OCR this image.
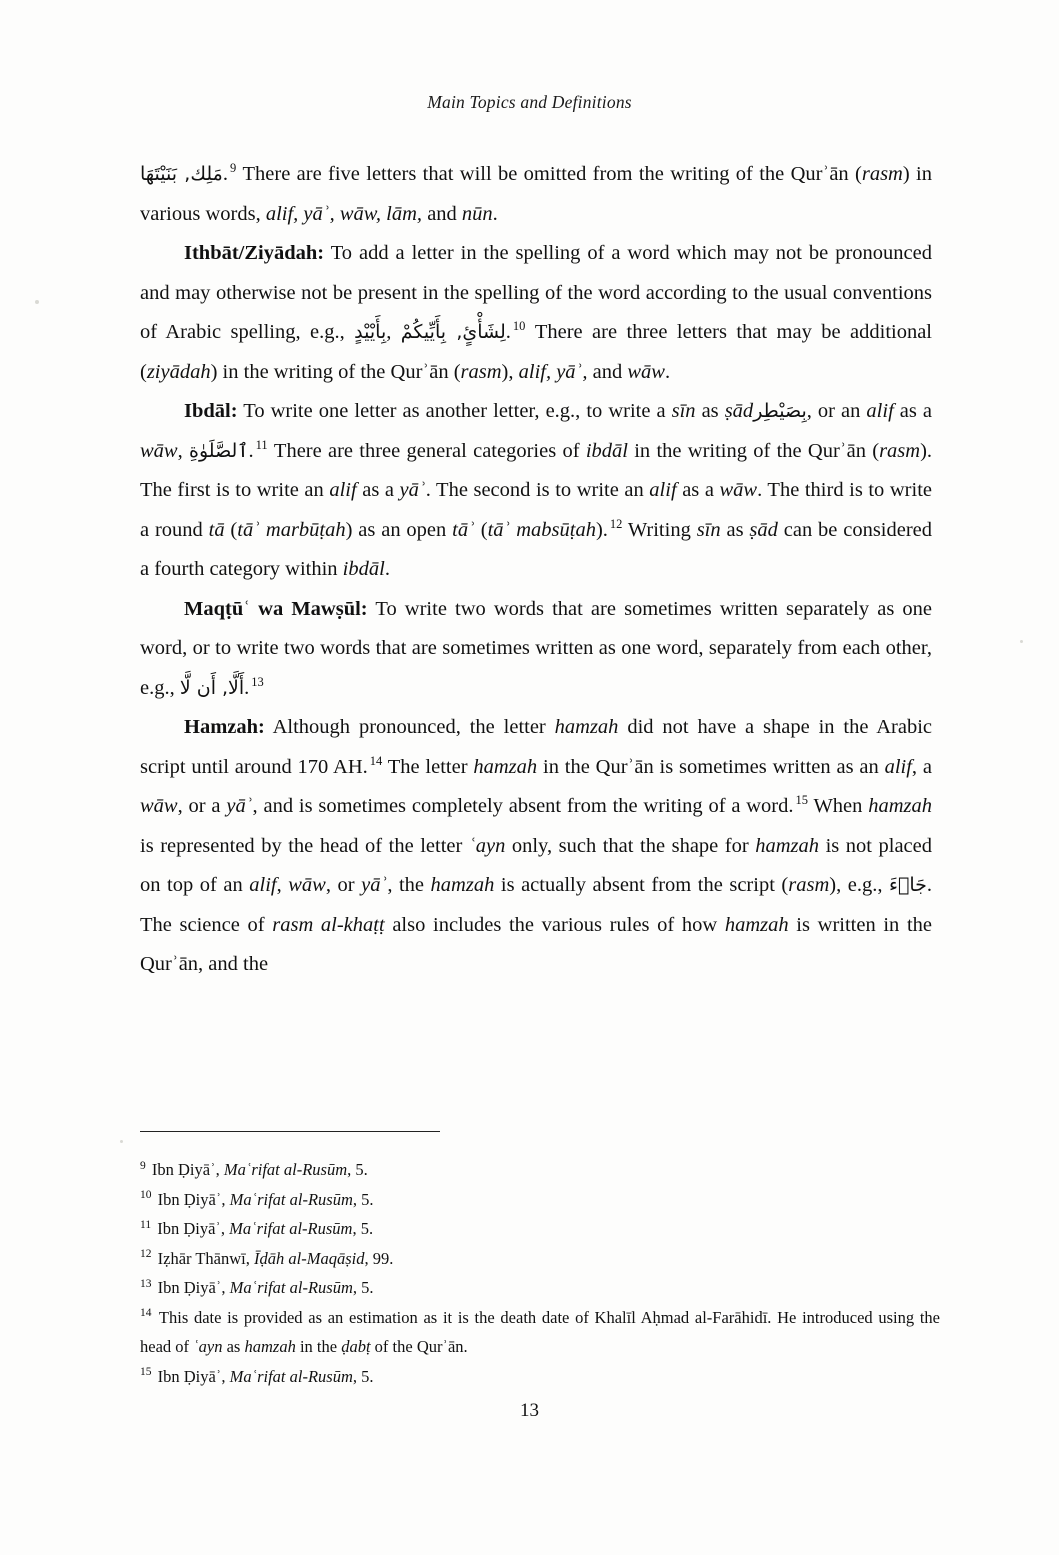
Main Topics and Definitions

مَلِك, بَنَيْتَهَا. $^9$ There are five letters that will be omitted from the writing of the Qurʾān (rasm) in various words, alif, yāʾ, wāw, lām, and nūn.

Ithbāt/Ziyādah: To add a letter in the spelling of a word which may not be pronounced and may otherwise not be present in the spelling of the word according to the usual conventions of Arabic spelling, e.g., بِأَيْيْدٍ, لِشَأْىٍٔ, بِأَيِّيكُمْ. $^{10}$ There are three letters that may be additional (ziyādah) in the writing of the Qurʾān (rasm), alif, yāʾ, and wāw.

Ibdāl: To write one letter as another letter, e.g., to write a sīn as ṣādبِصَيْطِر, or an alif as a wāw, ٱلصَّلَوٰةِ. $^{11}$ There are three general categories of ibdāl in the writing of the Qurʾān (rasm). The first is to write an alif as a yāʾ. The second is to write an alif as a wāw. The third is to write a round tā (tāʾ marbūṭah) as an open tāʾ (tāʾ mabsūṭah). $^{12}$ Writing sīn as ṣād can be considered a fourth category within ibdāl.

Maqṭūʿ wa Mawṣūl: To write two words that are sometimes written separately as one word, or to write two words that are sometimes written as one word, separately from each other, e.g., أَلَّا, أَن لَّا. $^{13}$

Hamzah: Although pronounced, the letter hamzah did not have a shape in the Arabic script until around 170 AH. $^{14}$ The letter hamzah in the Qurʾān is sometimes written as an alif, a wāw, or a yāʾ, and is sometimes completely absent from the writing of a word. $^{15}$ When hamzah is represented by the head of the letter ʿayn only, such that the shape for hamzah is not placed on top of an alif, wāw, or yāʾ, the hamzah is actually absent from the script (rasm), e.g., جَاۤءَ. The science of rasm al-khaṭṭ also includes the various rules of how hamzah is written in the Qurʾān, and the

$^9$ Ibn Ḍiyāʾ, Maʿrifat al-Rusūm, 5.
$^{10}$ Ibn Ḍiyāʾ, Maʿrifat al-Rusūm, 5.
$^{11}$ Ibn Ḍiyāʾ, Maʿrifat al-Rusūm, 5.
$^{12}$ Iẓhār Thānwī, Īḍāh al-Maqāṣid, 99.
$^{13}$ Ibn Ḍiyāʾ, Maʿrifat al-Rusūm, 5.
$^{14}$ This date is provided as an estimation as it is the death date of Khalīl Aḥmad al-Farāhidī. He introduced using the head of ʿayn as hamzah in the ḍabṭ of the Qurʾān.
$^{15}$ Ibn Ḍiyāʾ, Maʿrifat al-Rusūm, 5.
13
